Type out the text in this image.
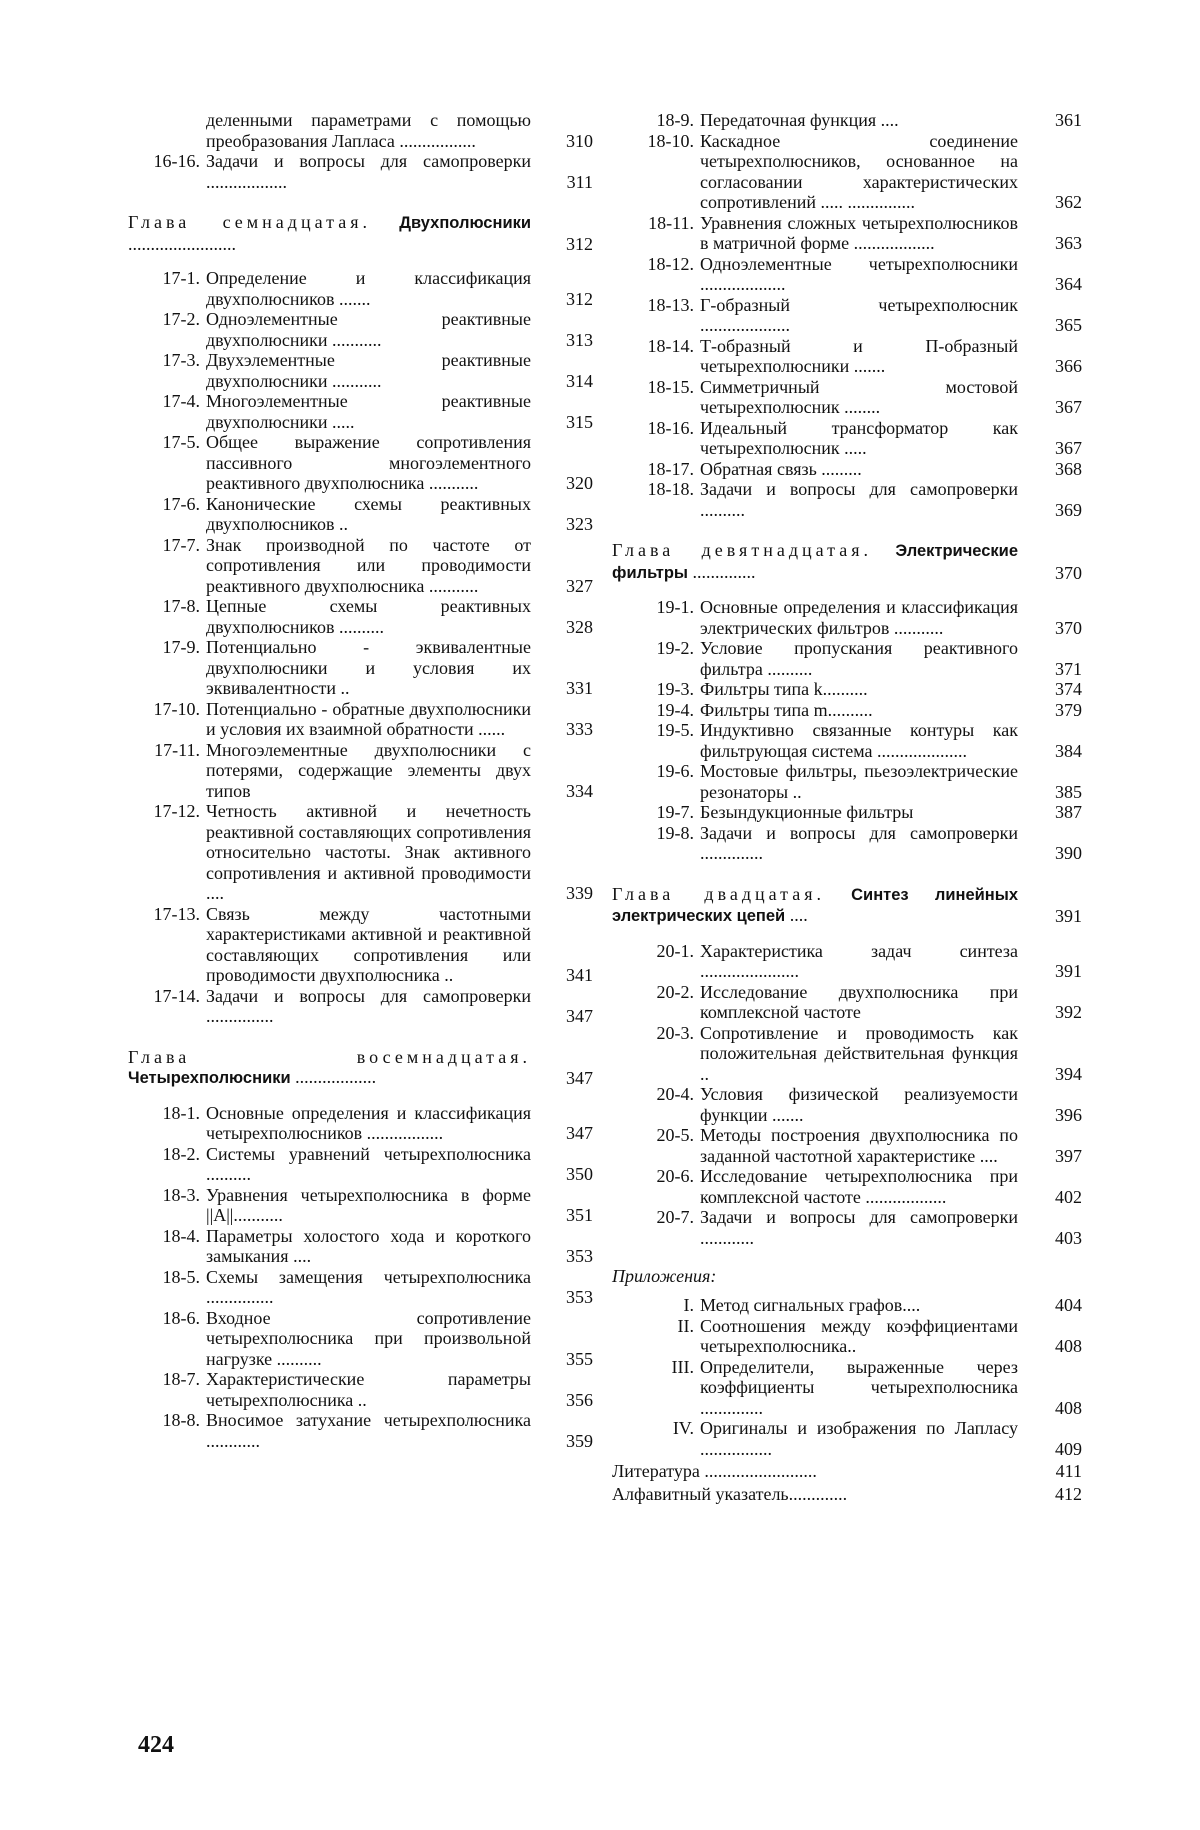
деленными параметрами с помощью преобразования Лапласа .................	310
16-16. Задачи и вопросы для самопроверки ..................	311
Глава семнадцатая. Двухполюсники ........................	312
17-1. Определение и классификация двухполюсников .......	312
17-2. Одноэлементные реактивные двухполюсники ...........	313
17-3. Двухэлементные реактивные двухполюсники ...........	314
17-4. Многоэлементные реактивные двухполюсники .....	315
17-5. Общее выражение сопротивления пассивного многоэлементного реактивного двухполюсника ...........	320
17-6. Канонические схемы реактивных двухполюсников ..	323
17-7. Знак производной по частоте от сопротивления или проводимости реактивного двухполюсника ...........	327
17-8. Цепные схемы реактивных двухполюсников ..........	328
17-9. Потенциально - эквивалентные двухполюсники и условия их эквивалентности ..	331
17-10. Потенциально - обратные двухполюсники и условия их взаимной обратности ......	333
17-11. Многоэлементные двухполюсники с потерями, содержащие элементы двух типов	334
17-12. Четность активной и нечетность реактивной составляющих сопротивления относительно частоты. Знак активного сопротивления и активной проводимости ....	339
17-13. Связь между частотными характеристиками активной и реактивной составляющих сопротивления или проводимости двухполюсника ..	341
17-14. Задачи и вопросы для самопроверки ...............	347
Глава восемнадцатая. Четырехполюсники ..................	347
18-1. Основные определения и классификация четырехполюсников .................	347
18-2. Системы уравнений четырехполюсника ..........	350
18-3. Уравнения четырехполюсника в форме ||A||...........	351
18-4. Параметры холостого хода и короткого замыкания ....	353
18-5. Схемы замещения четырехполюсника ...............	353
18-6. Входное сопротивление четырехполюсника при произвольной нагрузке ..........	355
18-7. Характеристические параметры четырехполюсника ..	356
18-8. Вносимое затухание четырехполюсника ............	359
18-9. Передаточная функция ....	361
18-10. Каскадное соединение четырехполюсников, основанное на согласовании характеристических сопротивлений ..... ...............	362
18-11. Уравнения сложных четырехполюсников в матричной форме ..................	363
18-12. Одноэлементные четырехполюсники ...................	364
18-13. Г-образный четырехполюсник ....................	365
18-14. Т-образный и П-образный четырехполюсники .......	366
18-15. Симметричный мостовой четырехполюсник ........	367
18-16. Идеальный трансформатор как четырехполюсник .....	367
18-17. Обратная связь .........	368
18-18. Задачи и вопросы для самопроверки ..........	369
Глава девятнадцатая. Электрические фильтры ..............	370
19-1. Основные определения и классификация электрических фильтров ...........	370
19-2. Условие пропускания реактивного фильтра ..........	371
19-3. Фильтры типа k..........	374
19-4. Фильтры типа m..........	379
19-5. Индуктивно связанные контуры как фильтрующая система ....................	384
19-6. Мостовые фильтры, пьезоэлектрические резонаторы ..	385
19-7. Безындукционные фильтры	387
19-8. Задачи и вопросы для самопроверки ..............	390
Глава двадцатая. Синтез линейных электрических цепей ....	391
20-1. Характеристика задач синтеза ......................	391
20-2. Исследование двухполюсника при комплексной частоте	392
20-3. Сопротивление и проводимость как положительная действительная функция ..	394
20-4. Условия физической реализуемости функции .......	396
20-5. Методы построения двухполюсника по заданной частотной характеристике ....	397
20-6. Исследование четырехполюсника при комплексной частоте ..................	402
20-7. Задачи и вопросы для самопроверки ............	403
Приложения:
I. Метод сигнальных графов....	404
II. Соотношения между коэффициентами четырехполюсника..	408
III. Определители, выраженные через коэффициенты четырехполюсника ..............	408
IV. Оригиналы и изображения по Лапласу ................	409
Литература .........................	411
Алфавитный указатель.............	412
424
